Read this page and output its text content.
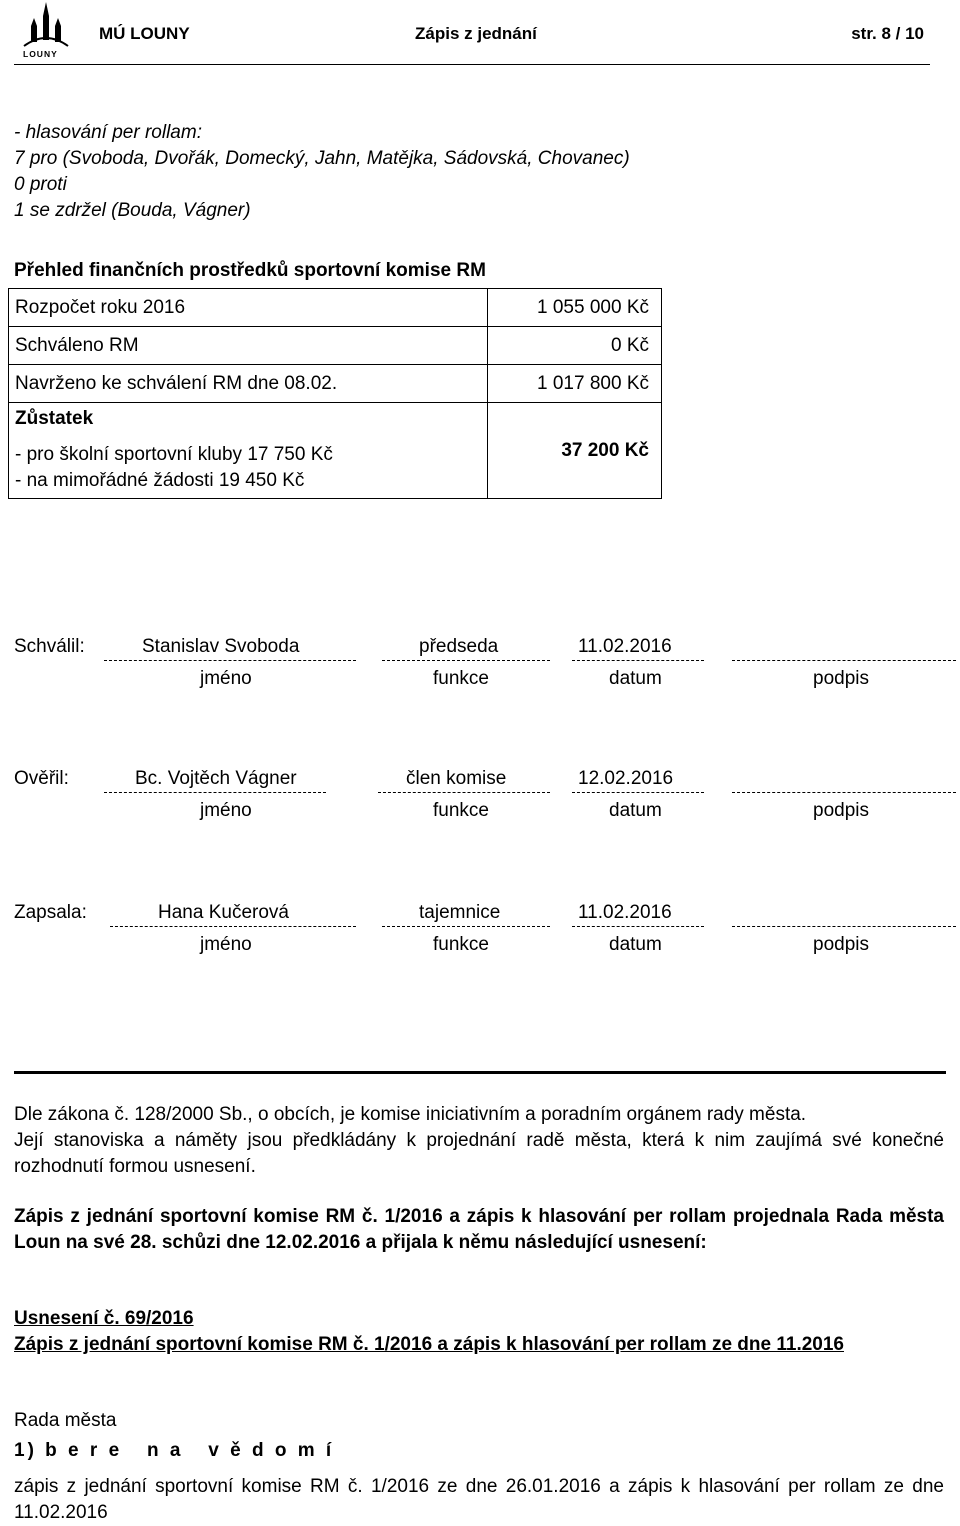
LOUNY
MÚ LOUNY	Zápis z jednání	str. 8 / 10
- hlasování per rollam:
7 pro (Svoboda, Dvořák, Domecký, Jahn, Matějka, Sádovská, Chovanec)
0 proti
1 se zdržel (Bouda, Vágner)
Přehled finančních prostředků sportovní komise RM
Rozpočet roku 2016	1 055 000 Kč
Schváleno RM	0 Kč
Navrženo ke schválení RM dne 08.02.	1 017 800 Kč

Zůstatek
- pro školní sportovní kluby 17 750 Kč
- na mimořádné žádosti 19 450 Kč	37 200 Kč
Schválil:	Stanislav Svoboda	předseda	11.02.2016
jméno	funkce	datum	podpis
Ověřil:	Bc. Vojtěch Vágner	člen komise	12.02.2016
jméno	funkce	datum	podpis
Zapsala:	Hana Kučerová	tajemnice	11.02.2016
jméno	funkce	datum	podpis
Dle zákona č. 128/2000 Sb., o obcích, je komise iniciativním a poradním orgánem rady města.
Její stanoviska a náměty jsou předkládány k projednání radě města, která k nim zaujímá své konečné rozhodnutí formou usnesení.
Zápis z jednání sportovní komise RM č. 1/2016 a zápis k hlasování per rollam projednala Rada města Loun na své 28. schůzi dne 12.02.2016 a přijala k němu následující usnesení:
Usnesení č. 69/2016
Zápis z jednání sportovní komise RM č. 1/2016 a zápis k hlasování per rollam ze dne 11.2016
Rada města
1) b e r e   n a   v ě d o m í
zápis z jednání sportovní komise RM č. 1/2016 ze dne 26.01.2016 a zápis k hlasování per rollam ze dne 11.02.2016
